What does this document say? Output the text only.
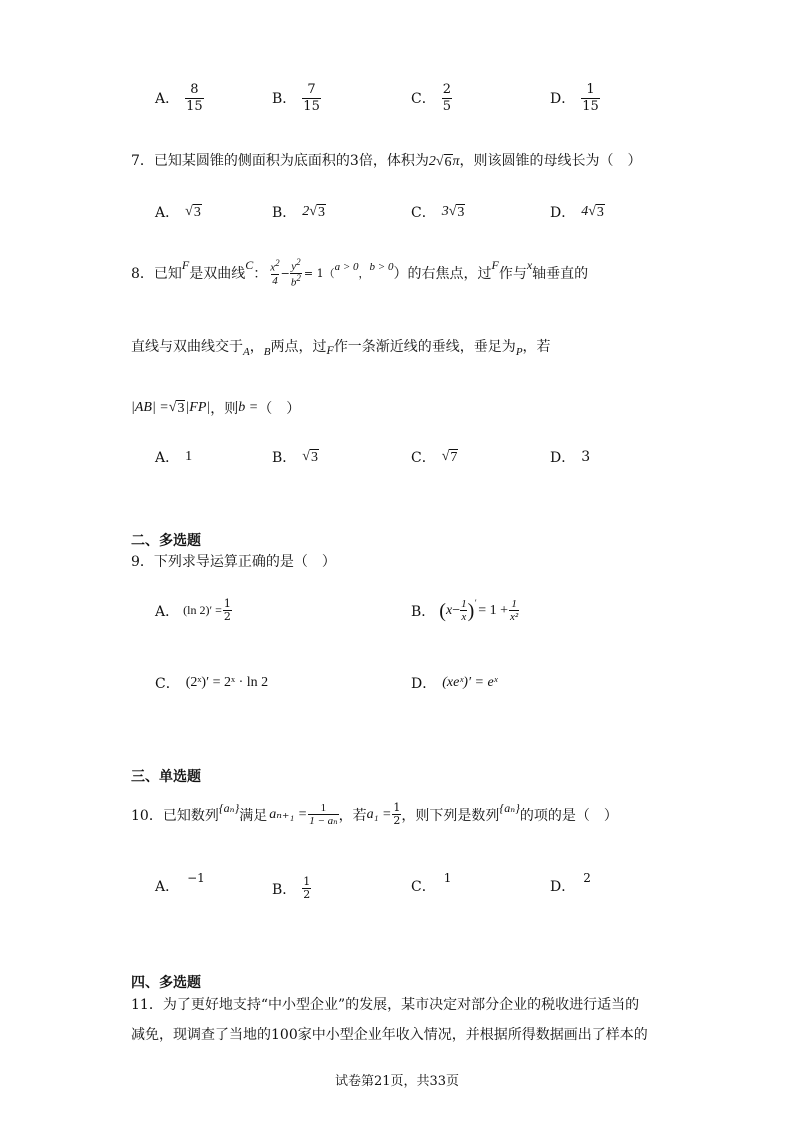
A． $\frac{8}{15}$	B． $\frac{7}{15}$	C． $\frac{2}{5}$	D． $\frac{1}{15}$
7．已知某圆锥的侧面积为底面积的3倍，体积为2 √ 6 π，则该圆锥的母线长为（　）
A． √ 3	B． 2 √ 3	C． 3 √ 3	D． 4 √ 3
8．已知
F
是双曲线
C
： $\frac{x^2}{4} - \frac{y^2}{b^2} = 1$ （ a > 0 ， b > 0 ）的右焦点，过
F
作与
x
轴垂直的
直线与双曲线交于 A ， B 两点，过 F 作一条渐近线的垂线，垂足为 P ，若
|AB| = √ 3 |FP| ，则 b = （　）
A． 1	B． √ 3	C． √ 7	D． 3
二、多选题
9．下列求导运算正确的是（　）
A． (ln $2)' = \frac{1}{2}$	B． ( $x - \frac{1}{x}$ ) ′ = $1 + \frac{1}{\text{x²}}$
C． (2ˣ)′ = 2ˣ · ln 2	D． (xeˣ)′ = eˣ
三、单选题
10．已知数列 {aₙ} 满足 $a_{n+1} = \frac{1}{\text{1 − aₙ}}$ ，若 $a_1 = \frac{1}{2}$ ，则下列是数列 {aₙ} 的项的是（　）
A．
−1
B． $\frac{1}{2}$	C．
1
D．
2
四、多选题
11．为了更好地支持“中小型企业”的发展，某市决定对部分企业的税收进行适当的
减免，现调查了当地的100家中小型企业年收入情况，并根据所得数据画出了样本的
试卷第21页，共33页
